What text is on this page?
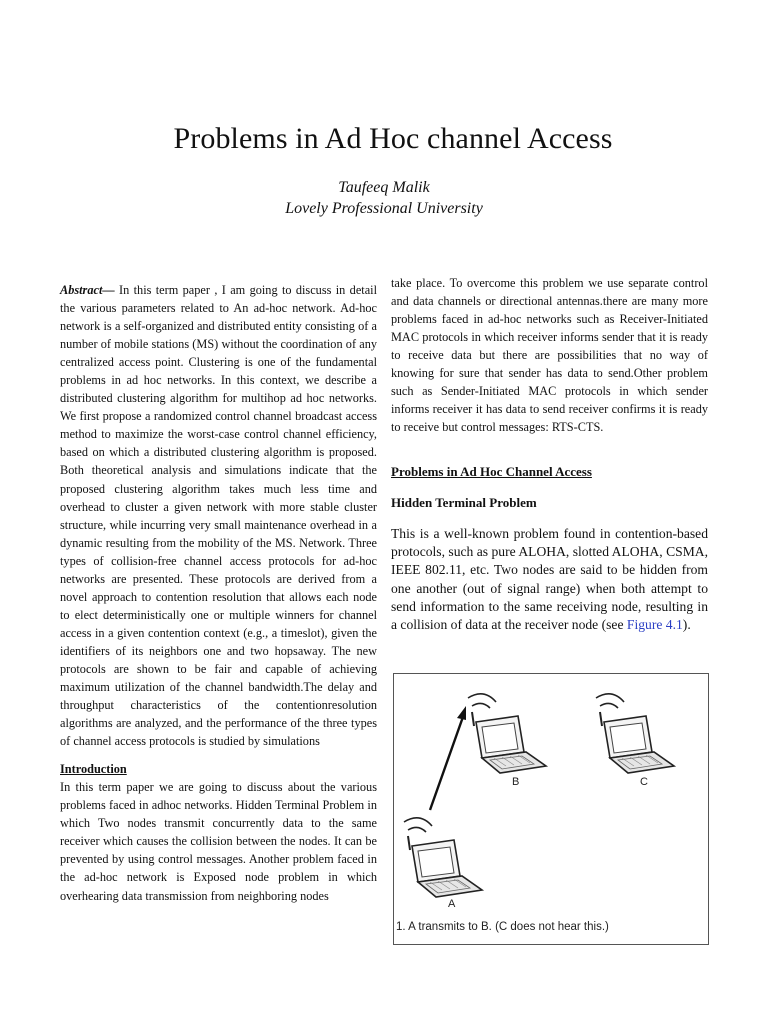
Problems in Ad Hoc channel Access
Taufeeq Malik
Lovely Professional University

Abstract— In this term paper , I am going to discuss in detail the various parameters related to An ad-hoc network. Ad-hoc network is a self-organized and distributed entity consisting of a number of mobile stations (MS) without the coordination of any centralized access point. Clustering is one of the fundamental problems in ad hoc networks. In this context, we describe a distributed clustering algorithm for multihop ad hoc networks. We first propose a randomized control channel broadcast access method to maximize the worst-case control channel efficiency, based on which a distributed clustering algorithm is proposed. Both theoretical analysis and simulations indicate that the proposed clustering algorithm takes much less time and overhead to cluster a given network with more stable cluster structure, while incurring very small maintenance overhead in a dynamic resulting from the mobility of the MS. Network. Three types of collision-free channel access protocols for ad-hoc networks are presented. These protocols are derived from a novel approach to contention resolution that allows each node to elect deterministically one or multiple winners for channel access in a given contention context (e.g., a timeslot), given the identifiers of its neighbors one and two hopsaway. The new protocols are shown to be fair and capable of achieving maximum utilization of the channel bandwidth.The delay and throughput characteristics of the contentionresolution algorithms are analyzed, and the performance of the three types of channel access protocols is studied by simulations

Introduction

In this term paper we are going to discuss about the various problems faced in adhoc networks. Hidden Terminal Problem in which Two nodes transmit concurrently data to the same receiver which causes the collision between the nodes. It can be prevented by using control messages. Another problem faced in the ad-hoc network is Exposed node problem in which overhearing data transmission from neighboring nodes

take place. To overcome this problem we use separate control and data channels or directional antennas.there are many more problems faced in ad-hoc networks such as Receiver-Initiated MAC protocols in which receiver informs sender that it is ready to receive data but there are possibilities that no way of knowing for sure that sender has data to send.Other problem such as Sender-Initiated MAC protocols in which sender informs receiver it has data to send receiver confirms it is ready to receive but control messages: RTS-CTS.

Problems in Ad Hoc Channel Access
Hidden Terminal Problem

This is a well-known problem found in contention-based protocols, such as pure ALOHA, slotted ALOHA, CSMA, IEEE 802.11, etc. Two nodes are said to be hidden from one another (out of signal range) when both attempt to send information to the same receiving node, resulting in a collision of data at the receiver node (see Figure 4.1).

B	C
A
1. A transmits to B. (C does not hear this.)
